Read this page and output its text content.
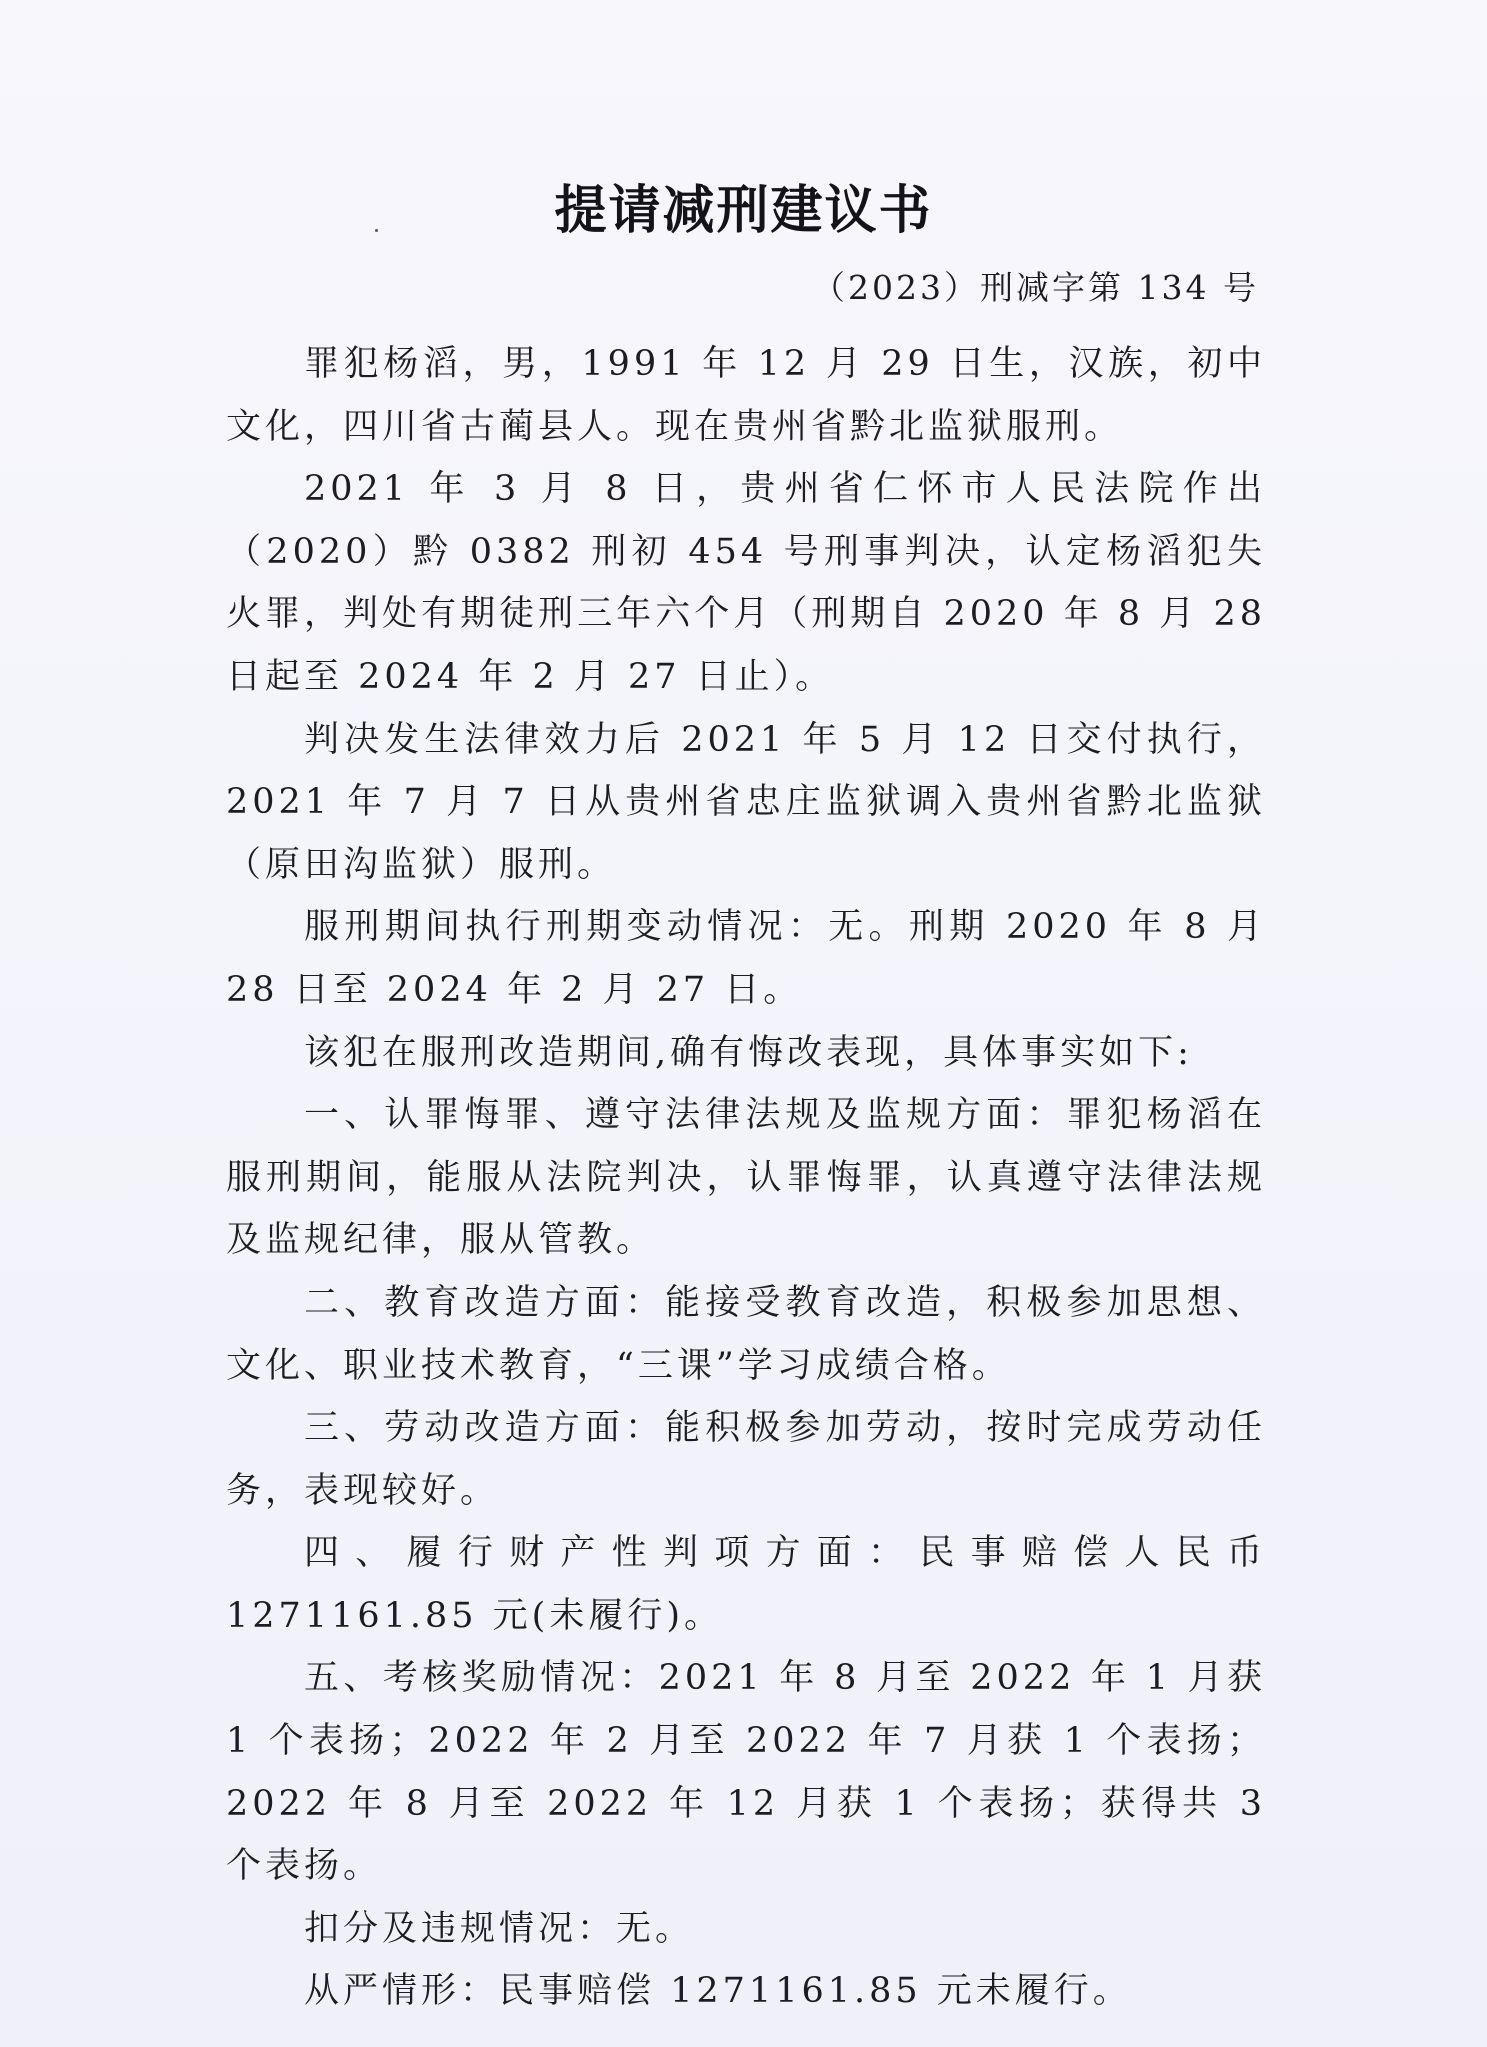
提请减刑建议书
（2023）刑减字第 134 号

罪犯杨滔，男，1991 年 12 月 29 日生，汉族，初中文化，四川省古蔺县人。现在贵州省黔北监狱服刑。

2021 年 3 月 8 日，贵州省仁怀市人民法院作出（2020）黔 0382 刑初 454 号刑事判决，认定杨滔犯失火罪，判处有期徒刑三年六个月（刑期自 2020 年 8 月 28 日起至 2024 年 2 月 27 日止）。

判决发生法律效力后 2021 年 5 月 12 日交付执行，2021 年 7 月 7 日从贵州省忠庄监狱调入贵州省黔北监狱（原田沟监狱）服刑。

服刑期间执行刑期变动情况：无。刑期 2020 年 8 月 28 日至 2024 年 2 月 27 日。

该犯在服刑改造期间,确有悔改表现，具体事实如下:

一、认罪悔罪、遵守法律法规及监规方面：罪犯杨滔在服刑期间，能服从法院判决，认罪悔罪，认真遵守法律法规及监规纪律，服从管教。

二、教育改造方面：能接受教育改造，积极参加思想、文化、职业技术教育，“三课”学习成绩合格。

三、劳动改造方面：能积极参加劳动，按时完成劳动任务，表现较好。

四、履行财产性判项方面：民事赔偿人民币 1271161.85 元(未履行)。

五、考核奖励情况：2021 年 8 月至 2022 年 1 月获 1 个表扬；2022 年 2 月至 2022 年 7 月获 1 个表扬；2022 年 8 月至 2022 年 12 月获 1 个表扬；获得共 3 个表扬。

扣分及违规情况：无。

从严情形：民事赔偿 1271161.85 元未履行。
